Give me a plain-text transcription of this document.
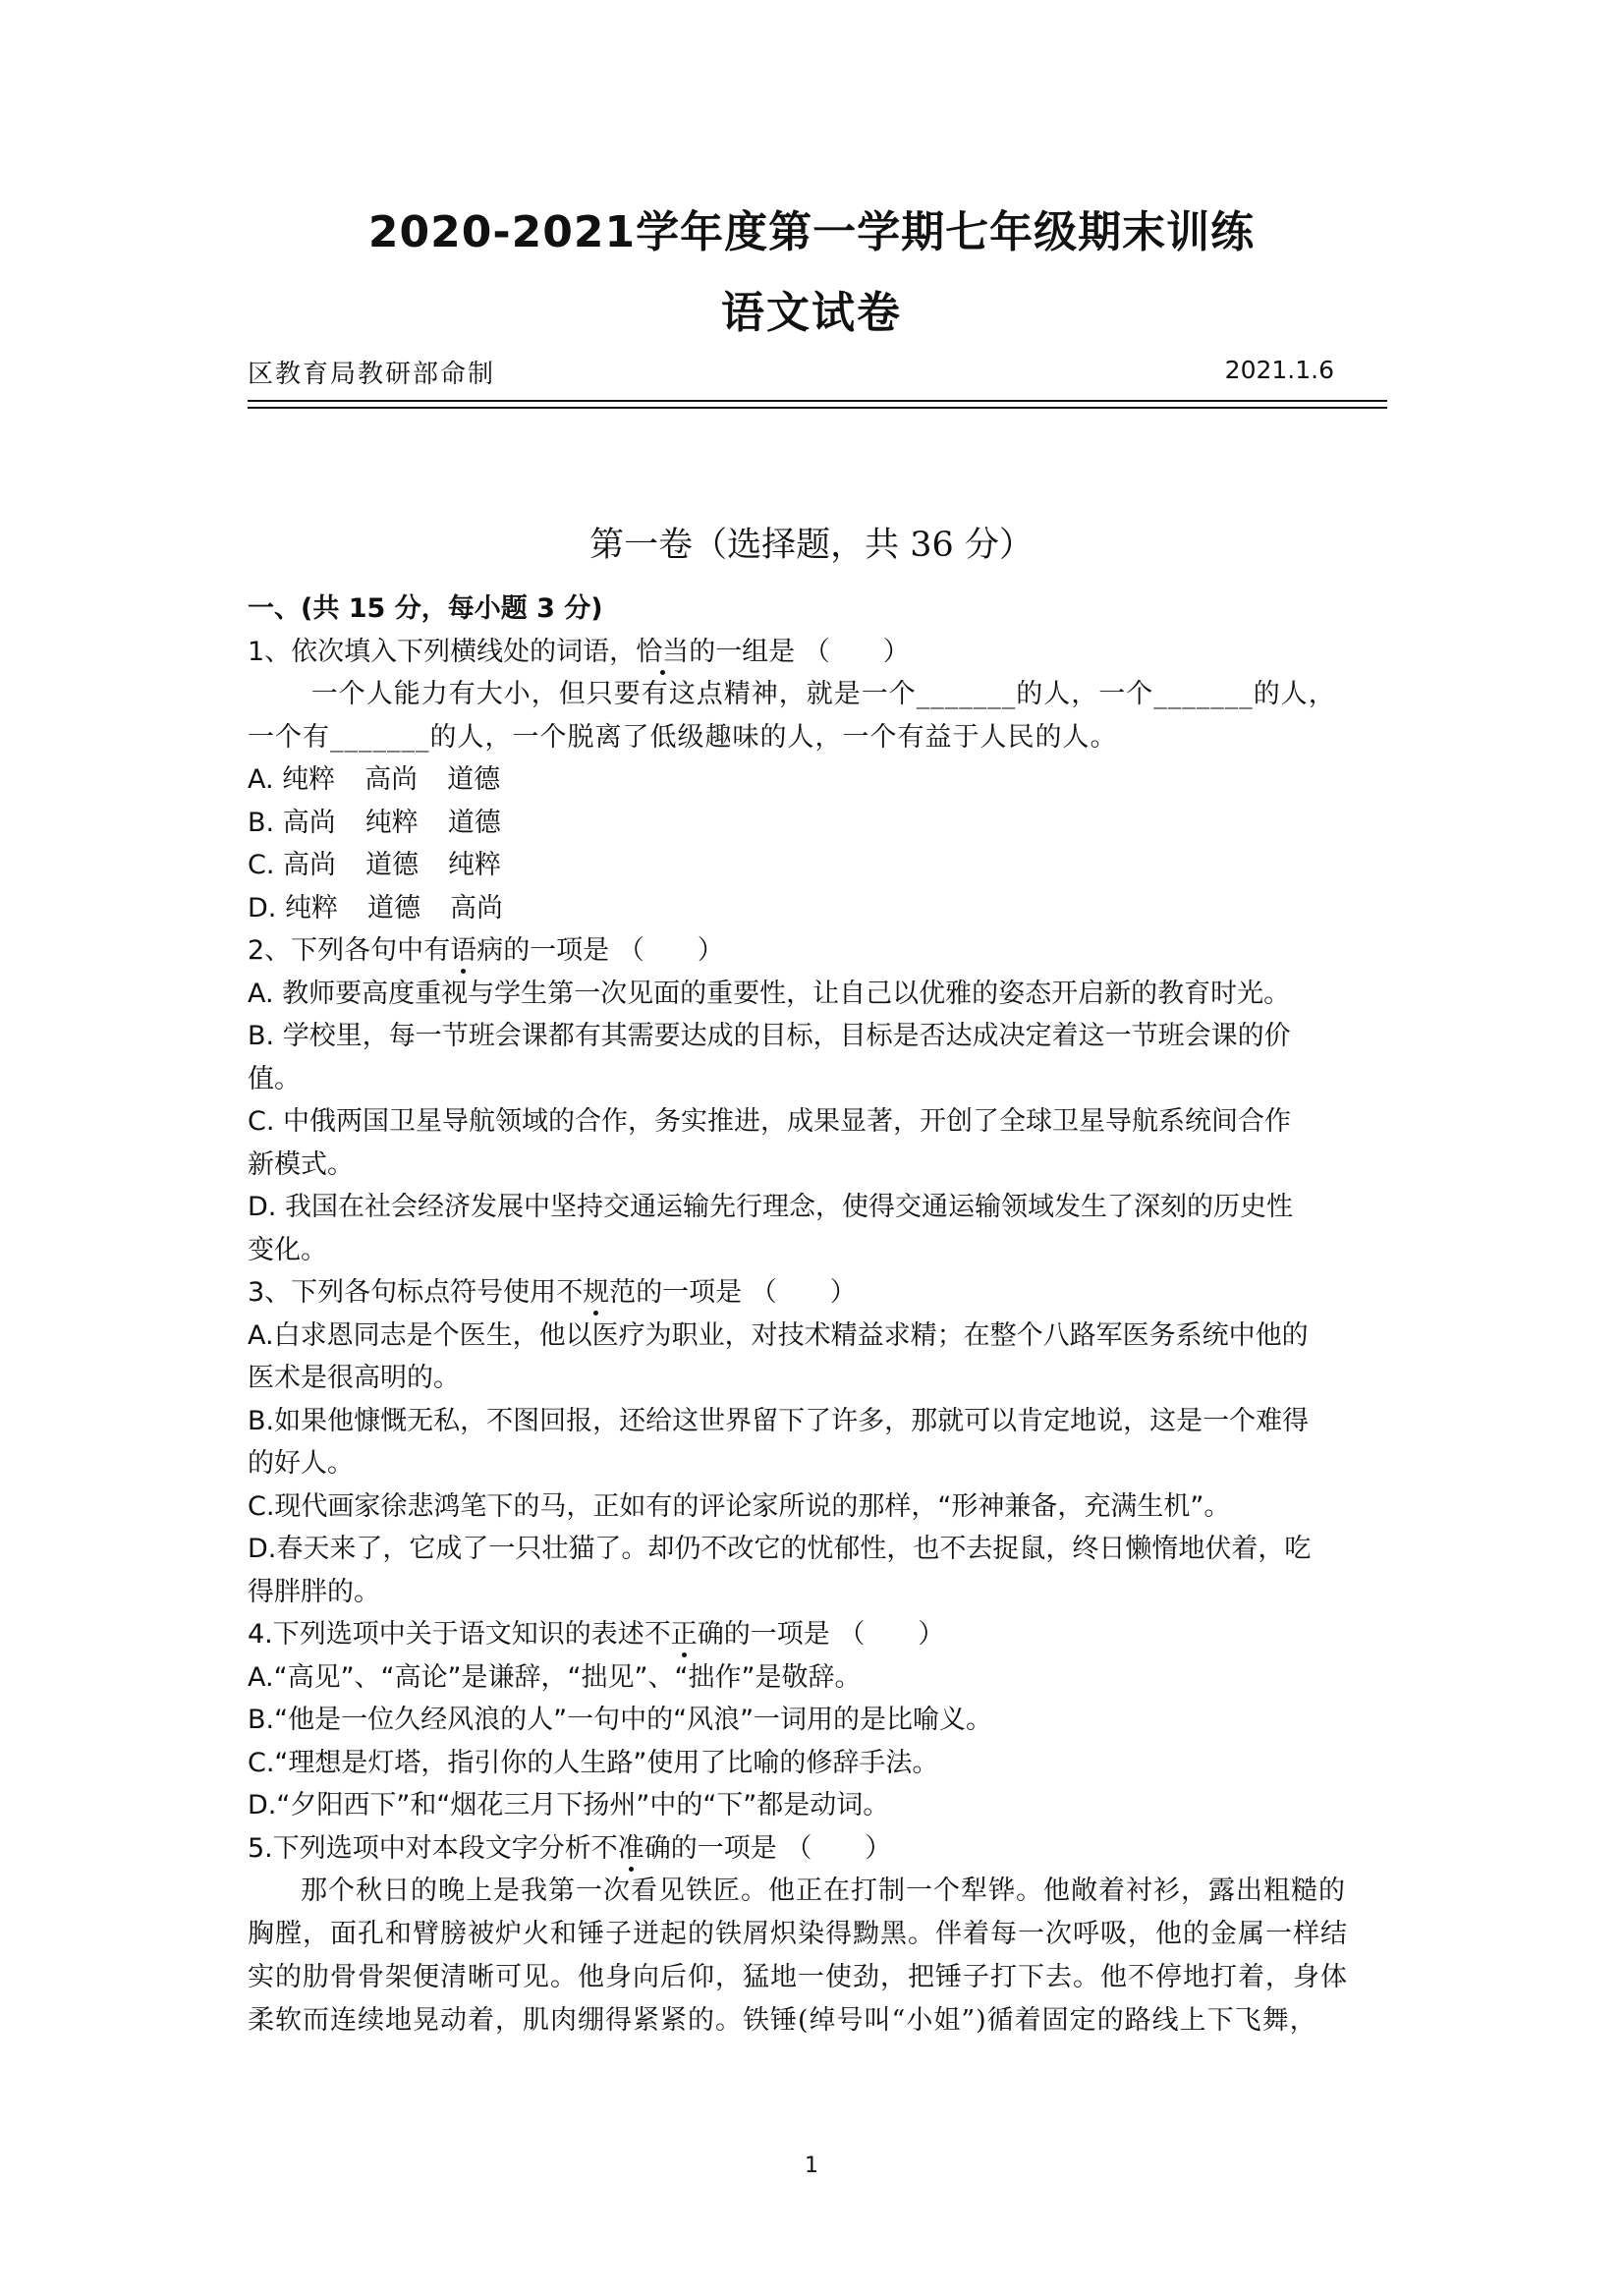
2020-2021学年度第一学期七年级期末训练
语文试卷
区教育局教研部命制	2021.1.6
第一卷（选择题，共 36 分）

一、(共 15 分，每小题 3 分)

1、依次填入下列横线处的词语，恰当的一组是 （　　）

一个人能力有大小，但只要有这点精神，就是一个_______的人，一个_______的人，

一个有_______的人，一个脱离了低级趣味的人，一个有益于人民的人。

A. 纯粹 高尚 道德

B. 高尚 纯粹 道德

C. 高尚 道德 纯粹

D. 纯粹 道德 高尚

2、下列各句中有语病的一项是 （　　）

A. 教师要高度重视与学生第一次见面的重要性，让自己以优雅的姿态开启新的教育时光。

B. 学校里，每一节班会课都有其需要达成的目标，目标是否达成决定着这一节班会课的价

值。

C. 中俄两国卫星导航领域的合作，务实推进，成果显著，开创了全球卫星导航系统间合作

新模式。

D. 我国在社会经济发展中坚持交通运输先行理念，使得交通运输领域发生了深刻的历史性

变化。

3、下列各句标点符号使用不规范的一项是 （　　）

A.白求恩同志是个医生，他以医疗为职业，对技术精益求精；在整个八路军医务系统中他的

医术是很高明的。

B.如果他慷慨无私，不图回报，还给这世界留下了许多，那就可以肯定地说，这是一个难得

的好人。

C.现代画家徐悲鸿笔下的马，正如有的评论家所说的那样，“形神兼备，充满生机”。

D.春天来了，它成了一只壮猫了。却仍不改它的忧郁性，也不去捉鼠，终日懒惰地伏着，吃

得胖胖的。

4.下列选项中关于语文知识的表述不正确的一项是 （　　）

A.“高见”、“高论”是谦辞，“拙见”、“拙作”是敬辞。

B.“他是一位久经风浪的人”一句中的“风浪”一词用的是比喻义。

C.“理想是灯塔，指引你的人生路”使用了比喻的修辞手法。

D.“夕阳西下”和“烟花三月下扬州”中的“下”都是动词。

5.下列选项中对本段文字分析不准确的一项是 （　　）

那个秋日的晚上是我第一次看见铁匠。他正在打制一个犁铧。他敞着衬衫，露出粗糙的

胸膛，面孔和臂膀被炉火和锤子迸起的铁屑炽染得黝黑。伴着每一次呼吸，他的金属一样结

实的肋骨骨架便清晰可见。他身向后仰，猛地一使劲，把锤子打下去。他不停地打着，身体

柔软而连续地晃动着，肌肉绷得紧紧的。铁锤(绰号叫“小姐”)循着固定的路线上下飞舞，

1
